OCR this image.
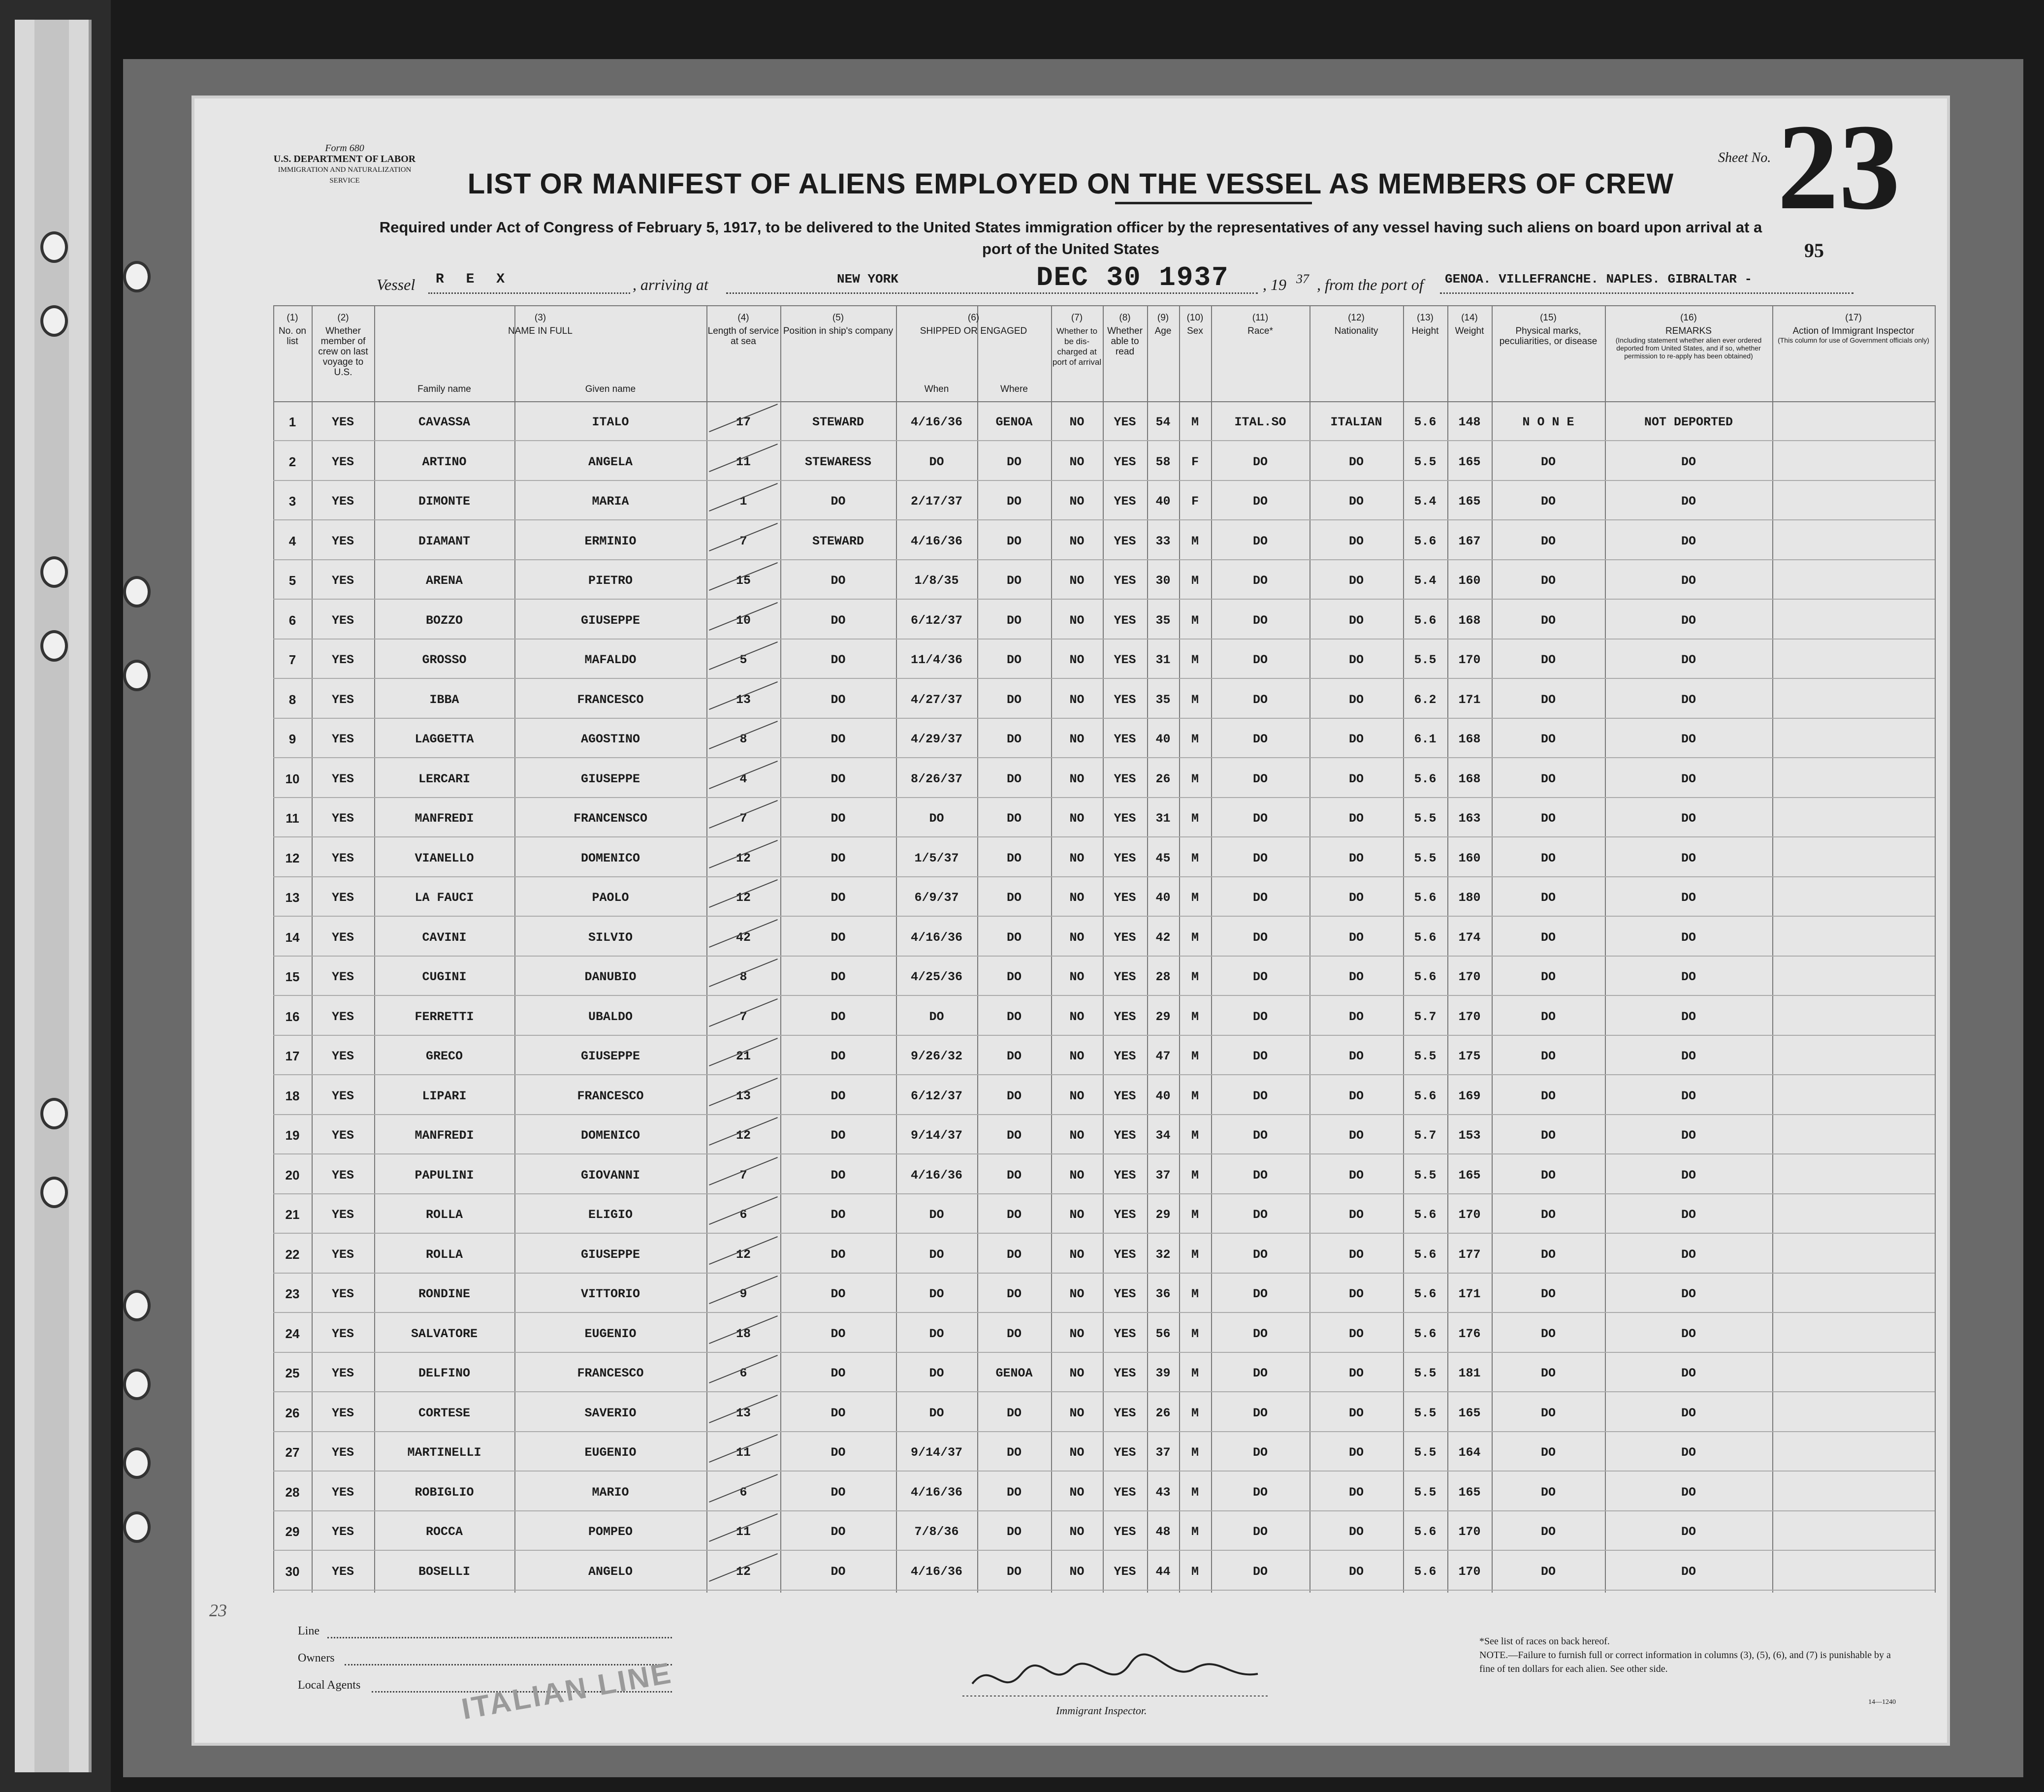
Form 680
U.S. DEPARTMENT OF LABOR
IMMIGRATION AND NATURALIZATION SERVICE	LIST OR MANIFEST OF ALIENS EMPLOYED ON THE VESSEL AS MEMBERS OF CREW
Required under Act of Congress of February 5, 1917, to be delivered to the United States immigration officer by the representatives of any vessel having such aliens on board upon arrival at a
port of the United States
Sheet No. 23
95
Vessel R E X	, arriving at	NEW YORK	DEC 30 1937 , 19 37 , from the port of GENOA. VILLEFRANCHE. NAPLES. GIBRALTAR -
(1)
No. on list
(2)
Whether member of crew on last voyage to U.S.
(3)
NAME IN FULL
Family name	Given name
(4)
Length of service at sea
(5)
Position in ship's company
(6)
SHIPPED OR ENGAGED
When	Where
(7)
Whether to be dis-charged at port of arrival
(8)
Whether able to read
(9)
Age
(10)
Sex
(11)
Race*
(12)
Nationality
(13)
Height
(14)
Weight
(15)
Physical marks, peculiarities, or disease
(16)
REMARKS
(Including statement whether alien ever ordered deported from United States, and if so, whether permission to re-apply has been obtained)
(17)
Action of Immigrant Inspector
(This column for use of Government officials only)
1	YES	CAVASSA	ITALO	17	STEWARD	4/16/36	GENOA	NO	YES	54	M	ITAL.SO	ITALIAN	5.6	148	N O N E	NOT DEPORTED
2	YES	ARTINO	ANGELA	11	STEWARESS	DO	DO	NO	YES	58	F	DO	DO	5.5	165	DO	DO
3	YES	DIMONTE	MARIA	1	DO	2/17/37	DO	NO	YES	40	F	DO	DO	5.4	165	DO	DO
4	YES	DIAMANT	ERMINIO	7	STEWARD	4/16/36	DO	NO	YES	33	M	DO	DO	5.6	167	DO	DO
5	YES	ARENA	PIETRO	15	DO	1/8/35	DO	NO	YES	30	M	DO	DO	5.4	160	DO	DO
6	YES	BOZZO	GIUSEPPE	10	DO	6/12/37	DO	NO	YES	35	M	DO	DO	5.6	168	DO	DO
7	YES	GROSSO	MAFALDO	5	DO	11/4/36	DO	NO	YES	31	M	DO	DO	5.5	170	DO	DO
8	YES	IBBA	FRANCESCO	13	DO	4/27/37	DO	NO	YES	35	M	DO	DO	6.2	171	DO	DO
9	YES	LAGGETTA	AGOSTINO	8	DO	4/29/37	DO	NO	YES	40	M	DO	DO	6.1	168	DO	DO
10	YES	LERCARI	GIUSEPPE	4	DO	8/26/37	DO	NO	YES	26	M	DO	DO	5.6	168	DO	DO
11	YES	MANFREDI	FRANCENSCO	7	DO	DO	DO	NO	YES	31	M	DO	DO	5.5	163	DO	DO
12	YES	VIANELLO	DOMENICO	12	DO	1/5/37	DO	NO	YES	45	M	DO	DO	5.5	160	DO	DO
13	YES	LA FAUCI	PAOLO	12	DO	6/9/37	DO	NO	YES	40	M	DO	DO	5.6	180	DO	DO
14	YES	CAVINI	SILVIO	42	DO	4/16/36	DO	NO	YES	42	M	DO	DO	5.6	174	DO	DO
15	YES	CUGINI	DANUBIO	8	DO	4/25/36	DO	NO	YES	28	M	DO	DO	5.6	170	DO	DO
16	YES	FERRETTI	UBALDO	7	DO	DO	DO	NO	YES	29	M	DO	DO	5.7	170	DO	DO
17	YES	GRECO	GIUSEPPE	21	DO	9/26/32	DO	NO	YES	47	M	DO	DO	5.5	175	DO	DO
18	YES	LIPARI	FRANCESCO	13	DO	6/12/37	DO	NO	YES	40	M	DO	DO	5.6	169	DO	DO
19	YES	MANFREDI	DOMENICO	12	DO	9/14/37	DO	NO	YES	34	M	DO	DO	5.7	153	DO	DO
20	YES	PAPULINI	GIOVANNI	7	DO	4/16/36	DO	NO	YES	37	M	DO	DO	5.5	165	DO	DO
21	YES	ROLLA	ELIGIO	6	DO	DO	DO	NO	YES	29	M	DO	DO	5.6	170	DO	DO
22	YES	ROLLA	GIUSEPPE	12	DO	DO	DO	NO	YES	32	M	DO	DO	5.6	177	DO	DO
23	YES	RONDINE	VITTORIO	9	DO	DO	DO	NO	YES	36	M	DO	DO	5.6	171	DO	DO
24	YES	SALVATORE	EUGENIO	18	DO	DO	DO	NO	YES	56	M	DO	DO	5.6	176	DO	DO
25	YES	DELFINO	FRANCESCO	6	DO	DO	GENOA	NO	YES	39	M	DO	DO	5.5	181	DO	DO
26	YES	CORTESE	SAVERIO	13	DO	DO	DO	NO	YES	26	M	DO	DO	5.5	165	DO	DO
27	YES	MARTINELLI	EUGENIO	11	DO	9/14/37	DO	NO	YES	37	M	DO	DO	5.5	164	DO	DO
28	YES	ROBIGLIO	MARIO	6	DO	4/16/36	DO	NO	YES	43	M	DO	DO	5.5	165	DO	DO
29	YES	ROCCA	POMPEO	11	DO	7/8/36	DO	NO	YES	48	M	DO	DO	5.6	170	DO	DO
30	YES	BOSELLI	ANGELO	12	DO	4/16/36	DO	NO	YES	44	M	DO	DO	5.6	170	DO	DO
Line
Owners
Local Agents	ITALIAN LINE	Immigrant Inspector.
*See list of races on back hereof.
NOTE.—Failure to furnish full or correct information in columns (3), (5), (6), and (7) is punishable by a fine of ten dollars for each alien. See other side.
14—1240
23
